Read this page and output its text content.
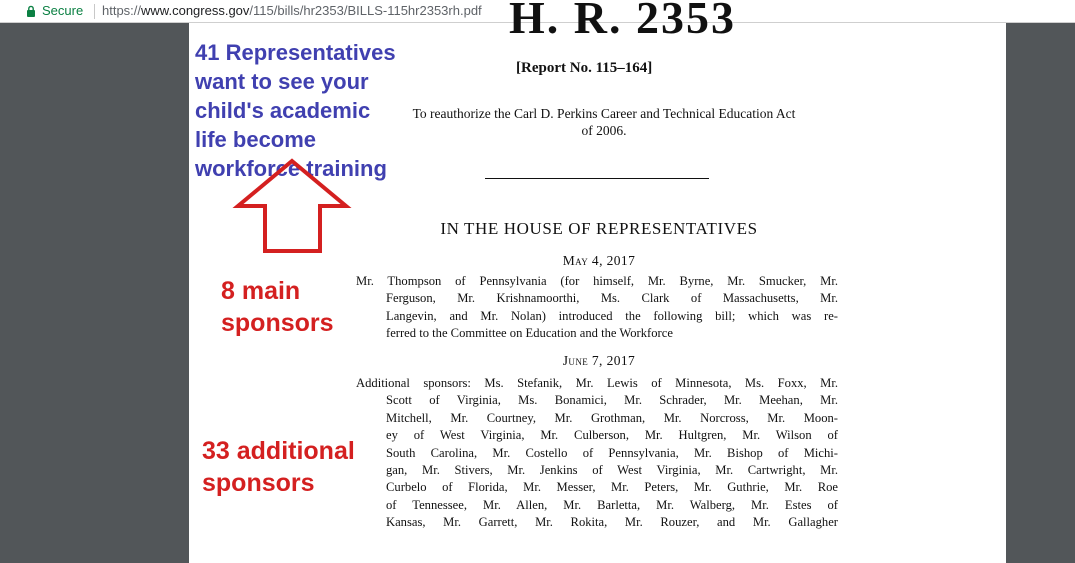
Secure https://www.congress.gov/115/bills/hr2353/BILLS-115hr2353rh.pdf H. R. 2353
[Report No. 115–164]
To reauthorize the Carl D. Perkins Career and Technical Education Act
of 2006.
IN THE HOUSE OF REPRESENTATIVES
May 4, 2017
Mr. Thompson of Pennsylvania (for himself, Mr. Byrne, Mr. Smucker, Mr.
Ferguson, Mr. Krishnamoorthi, Ms. Clark of Massachusetts, Mr.
Langevin, and Mr. Nolan) introduced the following bill; which was re-
ferred to the Committee on Education and the Workforce
June 7, 2017
Additional sponsors: Ms. Stefanik, Mr. Lewis of Minnesota, Ms. Foxx, Mr.
Scott of Virginia, Ms. Bonamici, Mr. Schrader, Mr. Meehan, Mr.
Mitchell, Mr. Courtney, Mr. Grothman, Mr. Norcross, Mr. Moon-
ey of West Virginia, Mr. Culberson, Mr. Hultgren, Mr. Wilson of
South Carolina, Mr. Costello of Pennsylvania, Mr. Bishop of Michi-
gan, Mr. Stivers, Mr. Jenkins of West Virginia, Mr. Cartwright, Mr.
Curbelo of Florida, Mr. Messer, Mr. Peters, Mr. Guthrie, Mr. Roe
of Tennessee, Mr. Allen, Mr. Barletta, Mr. Walberg, Mr. Estes of
Kansas, Mr. Garrett, Mr. Rokita, Mr. Rouzer, and Mr. Gallagher
41 Representatives
want to see your
child's academic
life become
workforce training
8 main
sponsors
33 additional
sponsors
